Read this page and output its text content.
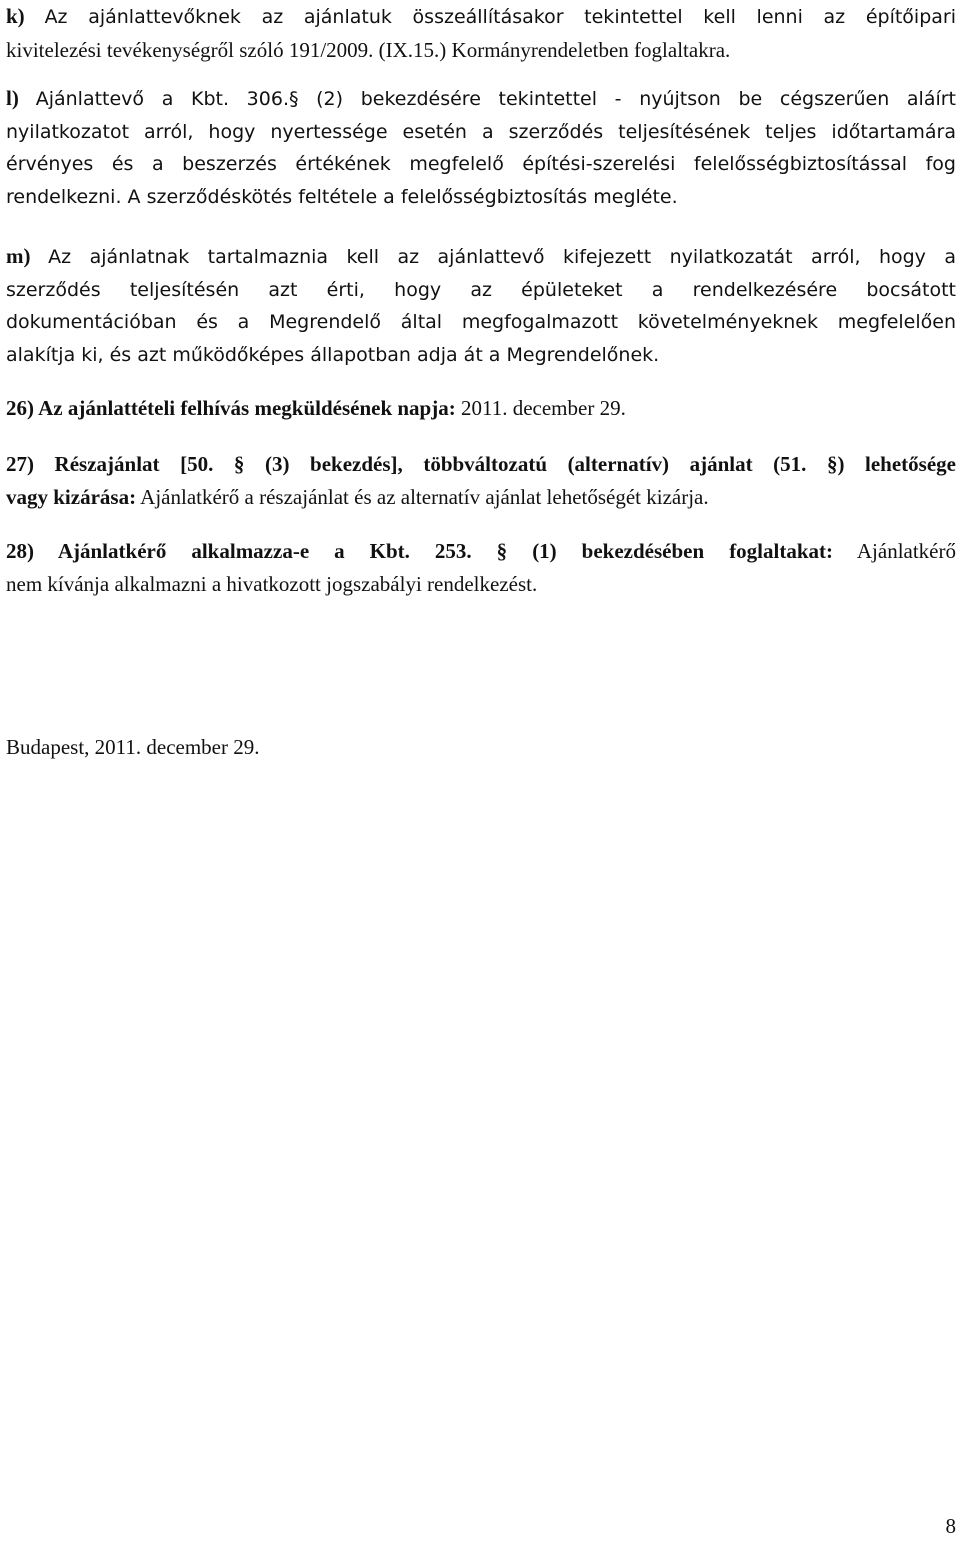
k) Az ajánlattevőknek az ajánlatuk összeállításakor tekintettel kell lenni az építőipari
kivitelezési tevékenységről szóló 191/2009. (IX.15.) Kormányrendeletben foglaltakra.
l) Ajánlattevő a Kbt. 306.§ (2) bekezdésére tekintettel - nyújtson be cégszerűen aláírt
nyilatkozatot arról, hogy nyertessége esetén a szerződés teljesítésének teljes időtartamára
érvényes és a beszerzés értékének megfelelő építési-szerelési felelősségbiztosítással fog
rendelkezni. A szerződéskötés feltétele a felelősségbiztosítás megléte.
m) Az ajánlatnak tartalmaznia kell az ajánlattevő kifejezett nyilatkozatát arról, hogy a
szerződés teljesítésén azt érti, hogy az épületeket a rendelkezésére bocsátott
dokumentációban és a Megrendelő által megfogalmazott követelményeknek megfelelően
alakítja ki, és azt működőképes állapotban adja át a Megrendelőnek.
26) Az ajánlattételi felhívás megküldésének napja: 2011. december 29.
27) Részajánlat [50. § (3) bekezdés], többváltozatú (alternatív) ajánlat (51. §) lehetősége
vagy kizárása: Ajánlatkérő a részajánlat és az alternatív ajánlat lehetőségét kizárja.
28) Ajánlatkérő alkalmazza-e a Kbt. 253. § (1) bekezdésében foglaltakat: Ajánlatkérő
nem kívánja alkalmazni a hivatkozott jogszabályi rendelkezést.
Budapest, 2011. december 29.
8
